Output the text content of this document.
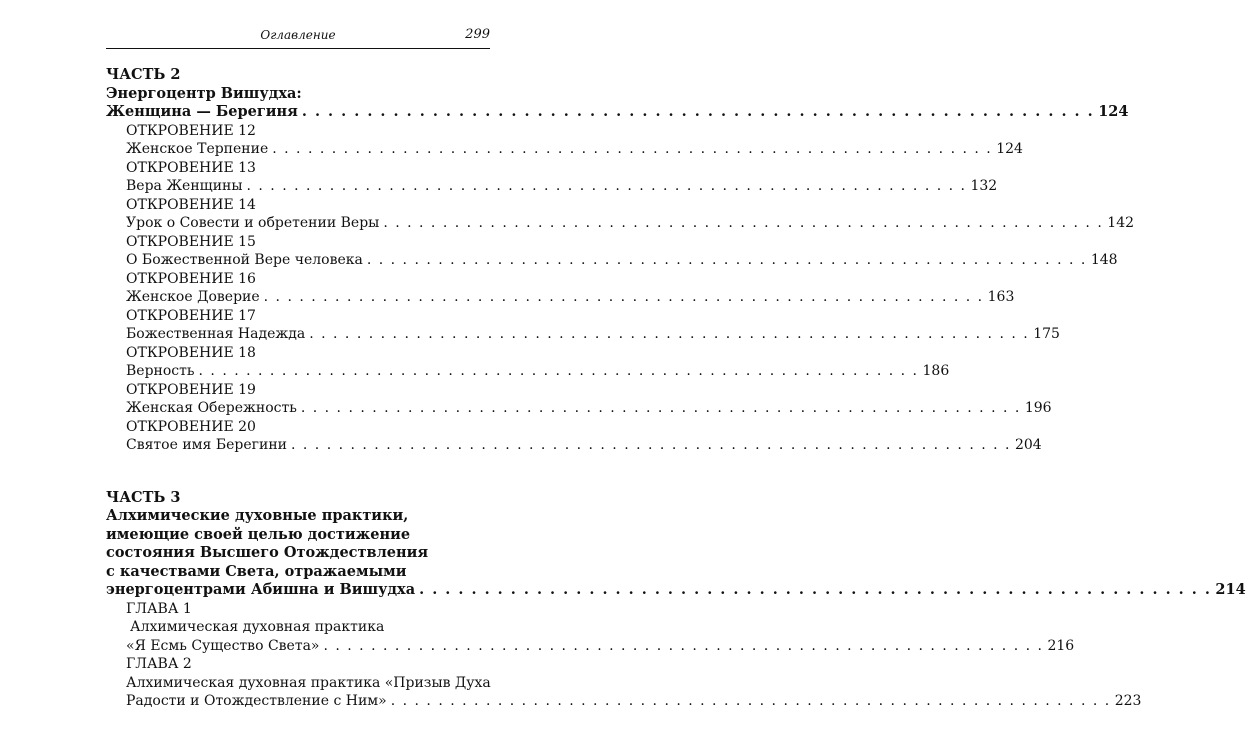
Оглавление	299
ЧАСТЬ 2
Энергоцентр Вишудха:
Женщина — Берегиня . . . . . . . . . . . . . . . . . . . . . . . . . . . . . . . . . . . . . . . . . . . . . . . . . . . . . . . . . . . . . 124
ОТКРОВЕНИЕ 12
Женское Терпение . . . . . . . . . . . . . . . . . . . . . . . . . . . . . . . . . . . . . . . . . . . . . . . . . . . . . . . . . . . . . 124
ОТКРОВЕНИЕ 13
Вера Женщины . . . . . . . . . . . . . . . . . . . . . . . . . . . . . . . . . . . . . . . . . . . . . . . . . . . . . . . . . . . . . 132
ОТКРОВЕНИЕ 14
Урок о Совести и обретении Веры . . . . . . . . . . . . . . . . . . . . . . . . . . . . . . . . . . . . . . . . . . . . . . . . . . . . . . . . . . . . . 142
ОТКРОВЕНИЕ 15
О Божественной Вере человека . . . . . . . . . . . . . . . . . . . . . . . . . . . . . . . . . . . . . . . . . . . . . . . . . . . . . . . . . . . . . 148
ОТКРОВЕНИЕ 16
Женское Доверие . . . . . . . . . . . . . . . . . . . . . . . . . . . . . . . . . . . . . . . . . . . . . . . . . . . . . . . . . . . . . 163
ОТКРОВЕНИЕ 17
Божественная Надежда . . . . . . . . . . . . . . . . . . . . . . . . . . . . . . . . . . . . . . . . . . . . . . . . . . . . . . . . . . . . . 175
ОТКРОВЕНИЕ 18
Верность . . . . . . . . . . . . . . . . . . . . . . . . . . . . . . . . . . . . . . . . . . . . . . . . . . . . . . . . . . . . . 186
ОТКРОВЕНИЕ 19
Женская Обережность . . . . . . . . . . . . . . . . . . . . . . . . . . . . . . . . . . . . . . . . . . . . . . . . . . . . . . . . . . . . . 196
ОТКРОВЕНИЕ 20
Святое имя Берегини . . . . . . . . . . . . . . . . . . . . . . . . . . . . . . . . . . . . . . . . . . . . . . . . . . . . . . . . . . . . . 204
ЧАСТЬ 3
Алхимические духовные практики,
имеющие своей целью достижение
состояния Высшего Отождествления
с качествами Света, отражаемыми
энергоцентрами Абишна и Вишудха . . . . . . . . . . . . . . . . . . . . . . . . . . . . . . . . . . . . . . . . . . . . . . . . . . . . . . . . . . . . . 214
ГЛАВА 1
Алхимическая духовная практика
«Я Есмь Существо Света» . . . . . . . . . . . . . . . . . . . . . . . . . . . . . . . . . . . . . . . . . . . . . . . . . . . . . . . . . . . . . 216
ГЛАВА 2
Алхимическая духовная практика «Призыв Духа
Радости и Отождествление с Ним» . . . . . . . . . . . . . . . . . . . . . . . . . . . . . . . . . . . . . . . . . . . . . . . . . . . . . . . . . . . . . 223
